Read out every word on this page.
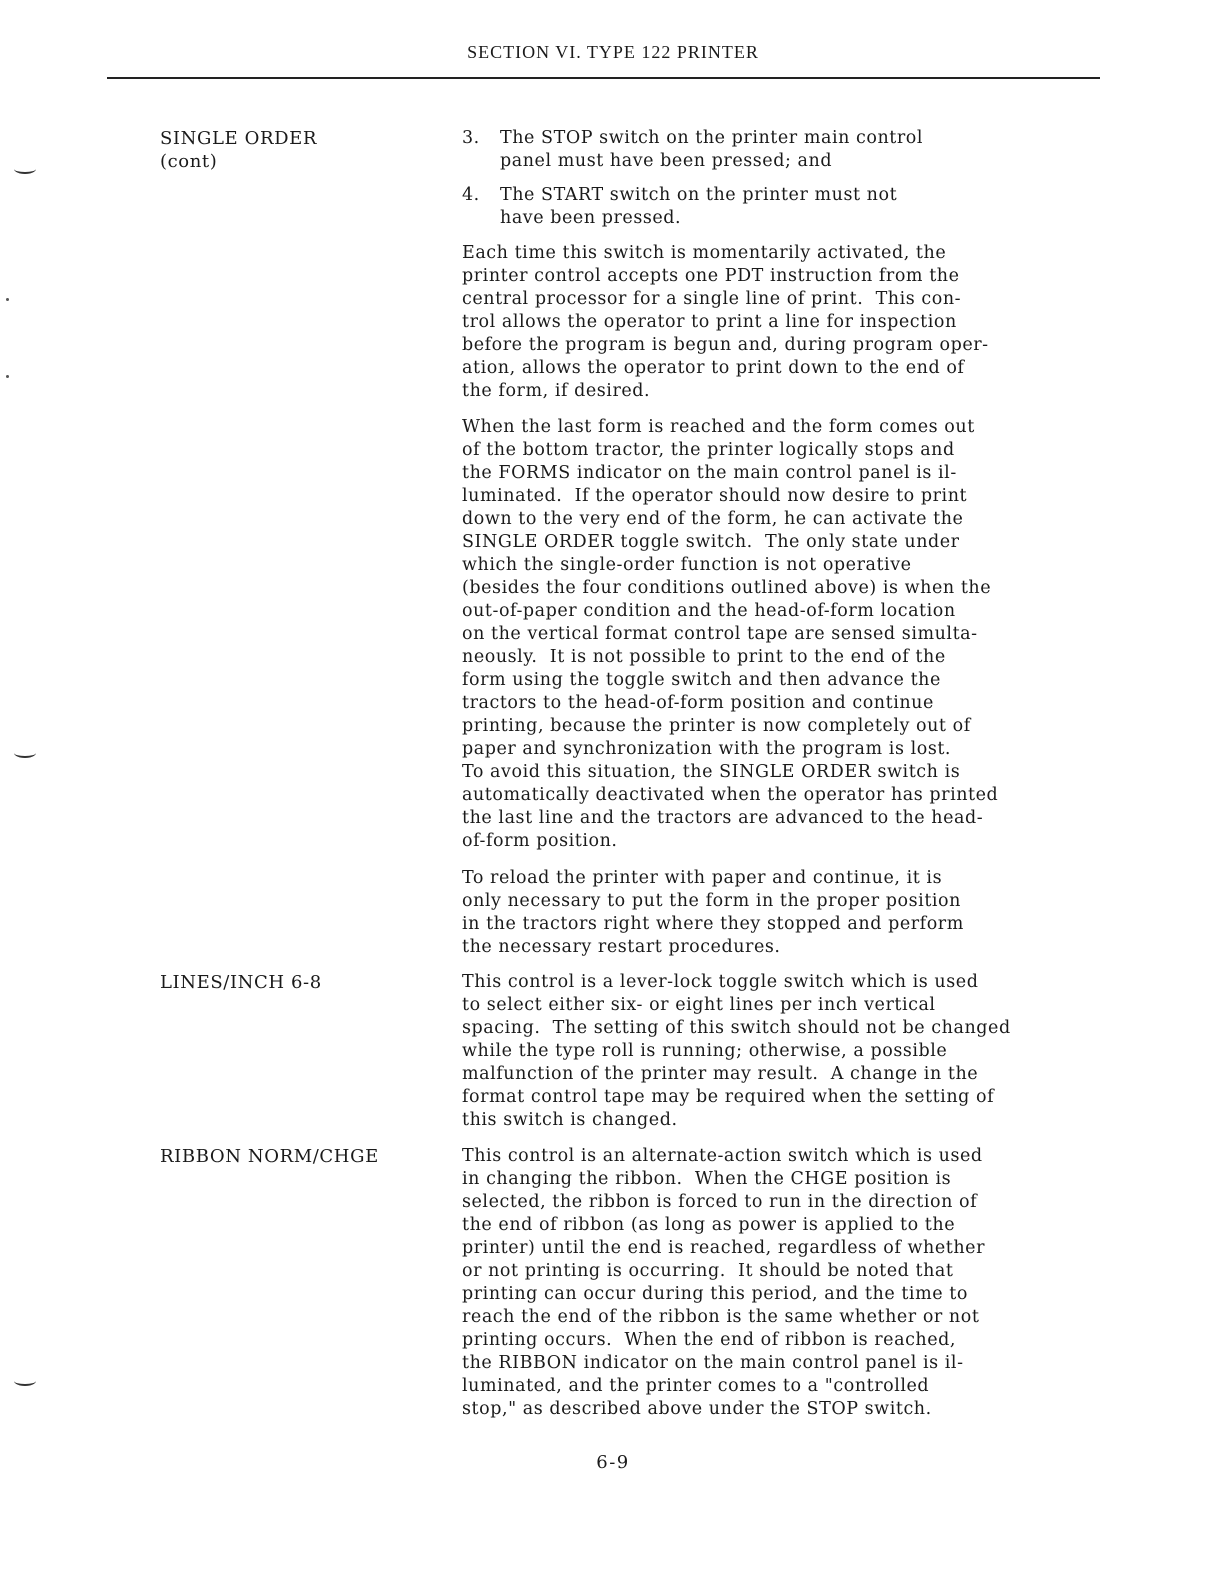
SECTION VI. TYPE 122 PRINTER
SINGLE ORDER
(cont)
LINES/INCH 6-8
RIBBON NORM/CHGE
3.	The STOP switch on the printer main control
panel must have been pressed; and
4.	The START switch on the printer must not
have been pressed.
Each time this switch is momentarily activated, the
printer control accepts one PDT instruction from the
central processor for a single line of print.  This con-
trol allows the operator to print a line for inspection
before the program is begun and, during program oper-
ation, allows the operator to print down to the end of
the form, if desired.
When the last form is reached and the form comes out
of the bottom tractor, the printer logically stops and
the FORMS indicator on the main control panel is il-
luminated.  If the operator should now desire to print
down to the very end of the form, he can activate the
SINGLE ORDER toggle switch.  The only state under
which the single-order function is not operative
(besides the four conditions outlined above) is when the
out-of-paper condition and the head-of-form location
on the vertical format control tape are sensed simulta-
neously.  It is not possible to print to the end of the
form using the toggle switch and then advance the
tractors to the head-of-form position and continue
printing, because the printer is now completely out of
paper and synchronization with the program is lost.
To avoid this situation, the SINGLE ORDER switch is
automatically deactivated when the operator has printed
the last line and the tractors are advanced to the head-
of-form position.
To reload the printer with paper and continue, it is
only necessary to put the form in the proper position
in the tractors right where they stopped and perform
the necessary restart procedures.
This control is a lever-lock toggle switch which is used
to select either six- or eight lines per inch vertical
spacing.  The setting of this switch should not be changed
while the type roll is running; otherwise, a possible
malfunction of the printer may result.  A change in the
format control tape may be required when the setting of
this switch is changed.
This control is an alternate-action switch which is used
in changing the ribbon.  When the CHGE position is
selected, the ribbon is forced to run in the direction of
the end of ribbon (as long as power is applied to the
printer) until the end is reached, regardless of whether
or not printing is occurring.  It should be noted that
printing can occur during this period, and the time to
reach the end of the ribbon is the same whether or not
printing occurs.  When the end of ribbon is reached,
the RIBBON indicator on the main control panel is il-
luminated, and the printer comes to a "controlled
stop," as described above under the STOP switch.
6-9
